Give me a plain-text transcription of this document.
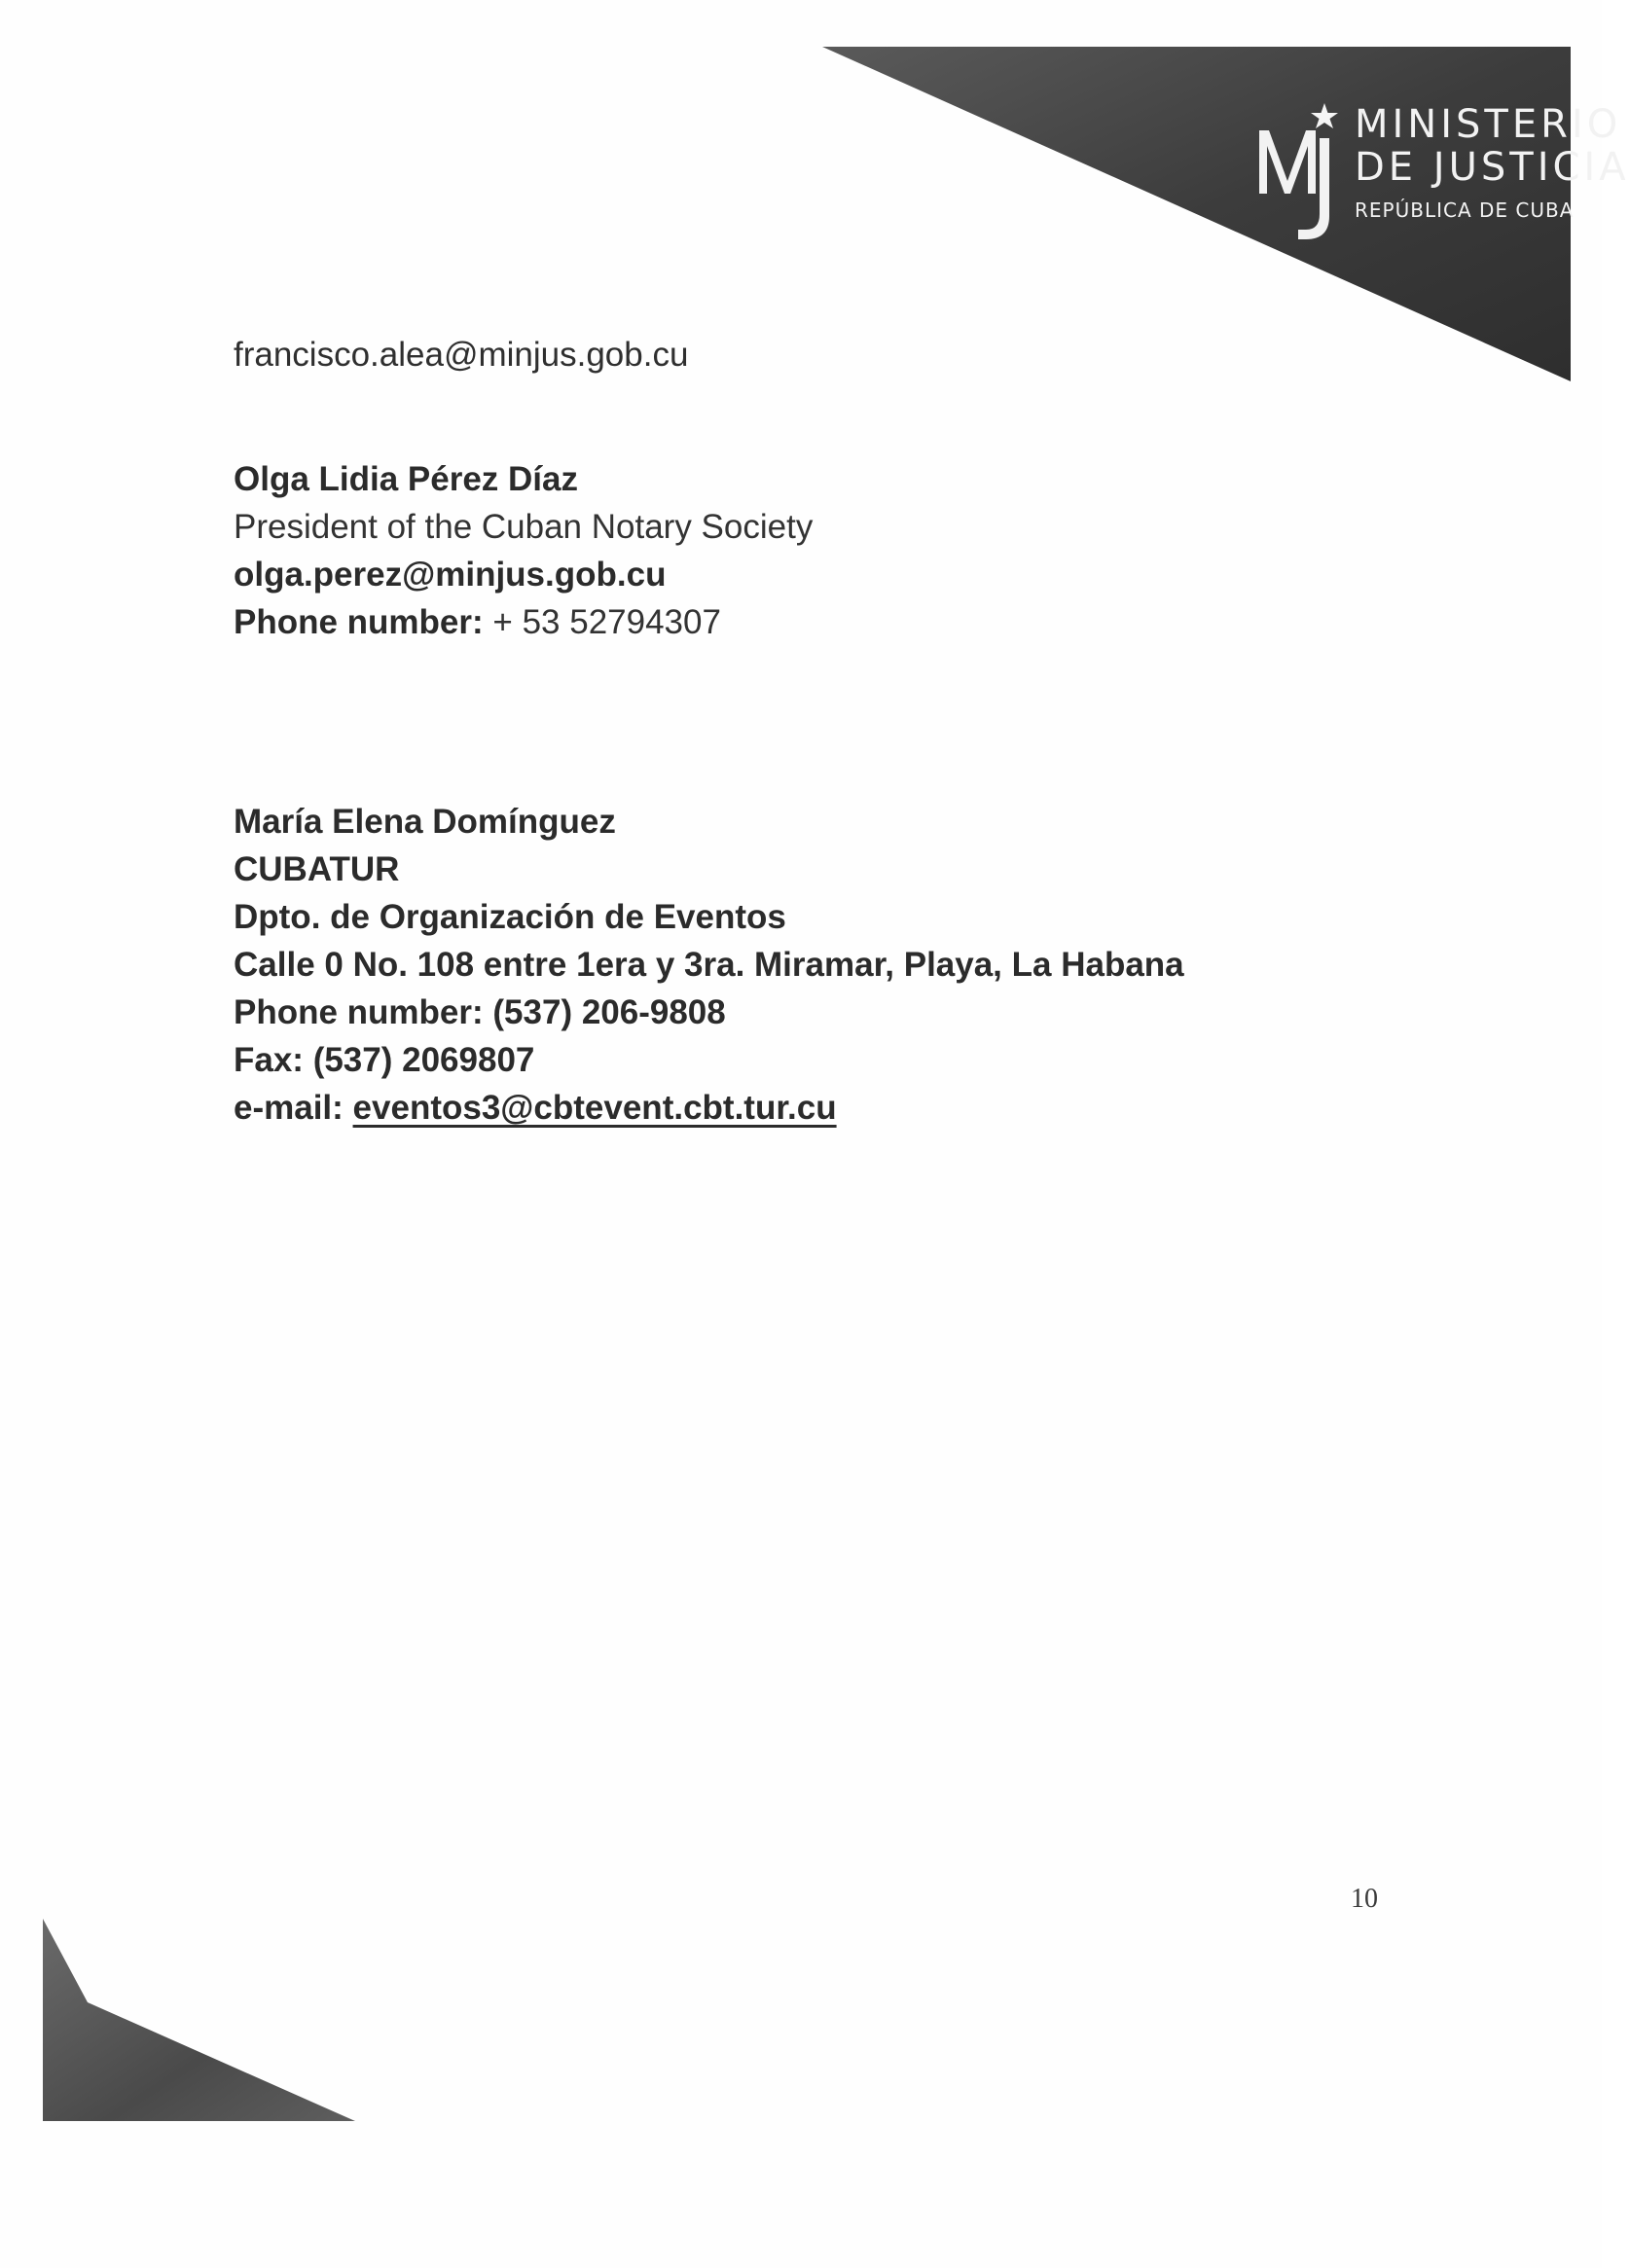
MINISTERIO
DE JUSTICIA
REPÚBLICA DE CUBA
francisco.alea@minjus.gob.cu
Olga Lidia Pérez Díaz
President of the Cuban Notary Society
olga.perez@minjus.gob.cu
Phone number: + 53 52794307
María Elena Domínguez
CUBATUR
Dpto. de Organización de Eventos
Calle 0 No. 108 entre 1era y 3ra. Miramar, Playa, La Habana
Phone number: (537) 206-9808
Fax: (537) 2069807
e-mail: eventos3@cbtevent.cbt.tur.cu
10
